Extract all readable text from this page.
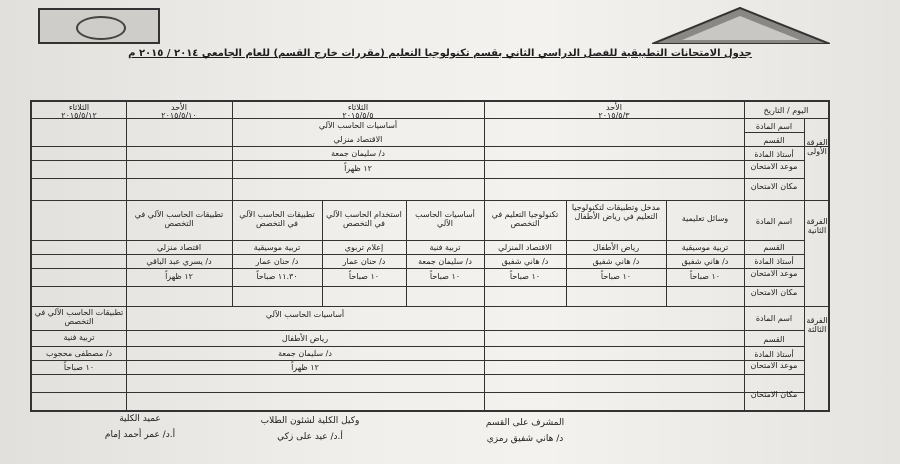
جدول الامتحانات التطبيقية للفصل الدراسي الثاني بقسم تكنولوجيا التعليم (مقررات خارج القسم) للعام الجامعي ٢٠١٤ / ٢٠١٥ م
اليوم / التاريخ
الأحد
٢٠١٥/٥/٣
الثلاثاء
٢٠١٥/٥/٥
الأحد
٢٠١٥/٥/١٠
الثلاثاء
٢٠١٥/٥/١٢
الفرقة الأولى
اسم المادة
القسم
أستاذ المادة
موعد الامتحان
مكان الامتحان
أساسيات الحاسب الآلي
الاقتصاد منزلي
د/ سليمان جمعة
١٢ ظهراً
الفرقة الثانية
اسم المادة
القسم
أستاذ المادة
موعد الامتحان
مكان الامتحان
وسائل تعليمية
تربية موسيقية
د/ هاني شفيق
١٠ صباحاً
مدخل وتطبيقات لتكنولوجيا التعليم في رياض الأطفال
رياض الأطفال
د/ هاني شفيق
١٠ صباحاً
تكنولوجيا التعليم في التخصص
الاقتصاد المنزلي
د/ هاني شفيق
١٠ صباحاً
أساسيات الحاسب الآلي
تربية فنية
د/ سليمان جمعة
١٠ صباحاً
استخدام الحاسب الآلي في التخصص
إعلام تربوي
د/ حنان عمار
١٠ صباحاً
تطبيقات الحاسب الآلي في التخصص
تربية موسيقية
د/ حنان عمار
١١.٣٠ صباحاً
تطبيقات الحاسب الآلي في التخصص
اقتصاد منزلي
د/ يسري عبد الباقي
١٢ ظهراً
الفرقة الثالثة
اسم المادة
القسم
أستاذ المادة
موعد الامتحان
مكان الامتحان
أساسيات الحاسب الآلي
رياض الأطفال
د/ سليمان جمعة
١٢ ظهراً
تطبيقات الحاسب الآلي في التخصص
تربية فنية
د/ مصطفى محجوب
١٠ صباحاً
المشرف على القسم
د/ هاني شفيق رمزي
وكيل الكلية لشئون الطلاب
أ.د/ عيد على زكي
عميد الكلية
أ.د/ عمر أحمد إمام
